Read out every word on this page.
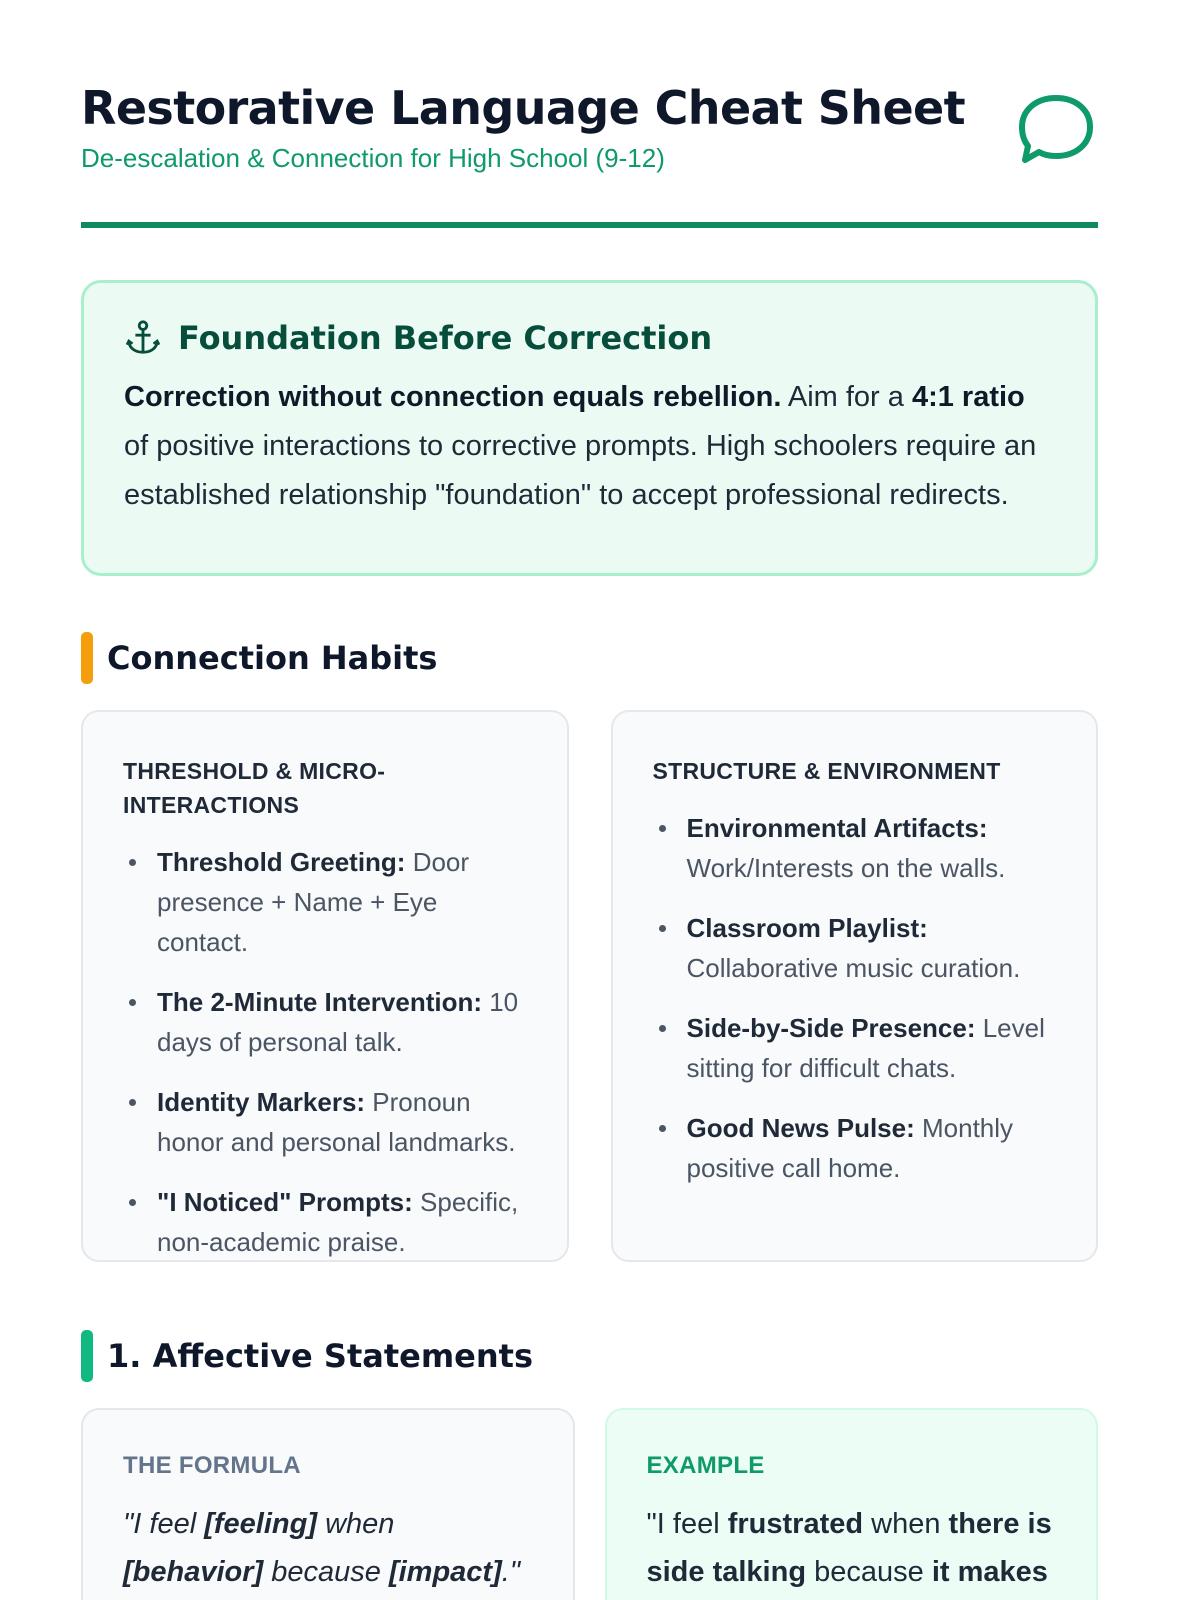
Restorative Language Cheat Sheet
De-escalation & Connection for High School (9-12)
Foundation Before Correction

Correction without connection equals rebellion. Aim for a 4:1 ratio of positive interactions to corrective prompts. High schoolers require an established relationship "foundation" to accept professional redirects.

Connection Habits
THRESHOLD & MICRO-INTERACTIONS
Threshold Greeting: Door presence + Name + Eye contact.
The 2-Minute Intervention: 10 days of personal talk.
Identity Markers: Pronoun honor and personal landmarks.
"I Noticed" Prompts: Specific, non-academic praise.
STRUCTURE & ENVIRONMENT
Environmental Artifacts: Work/Interests on the walls.
Classroom Playlist: Collaborative music curation.
Side-by-Side Presence: Level sitting for difficult chats.
Good News Pulse: Monthly positive call home.
1. Affective Statements
THE FORMULA

"I feel [feeling] when [behavior] because [impact]."

EXAMPLE

"I feel frustrated when there is side talking because it makes
